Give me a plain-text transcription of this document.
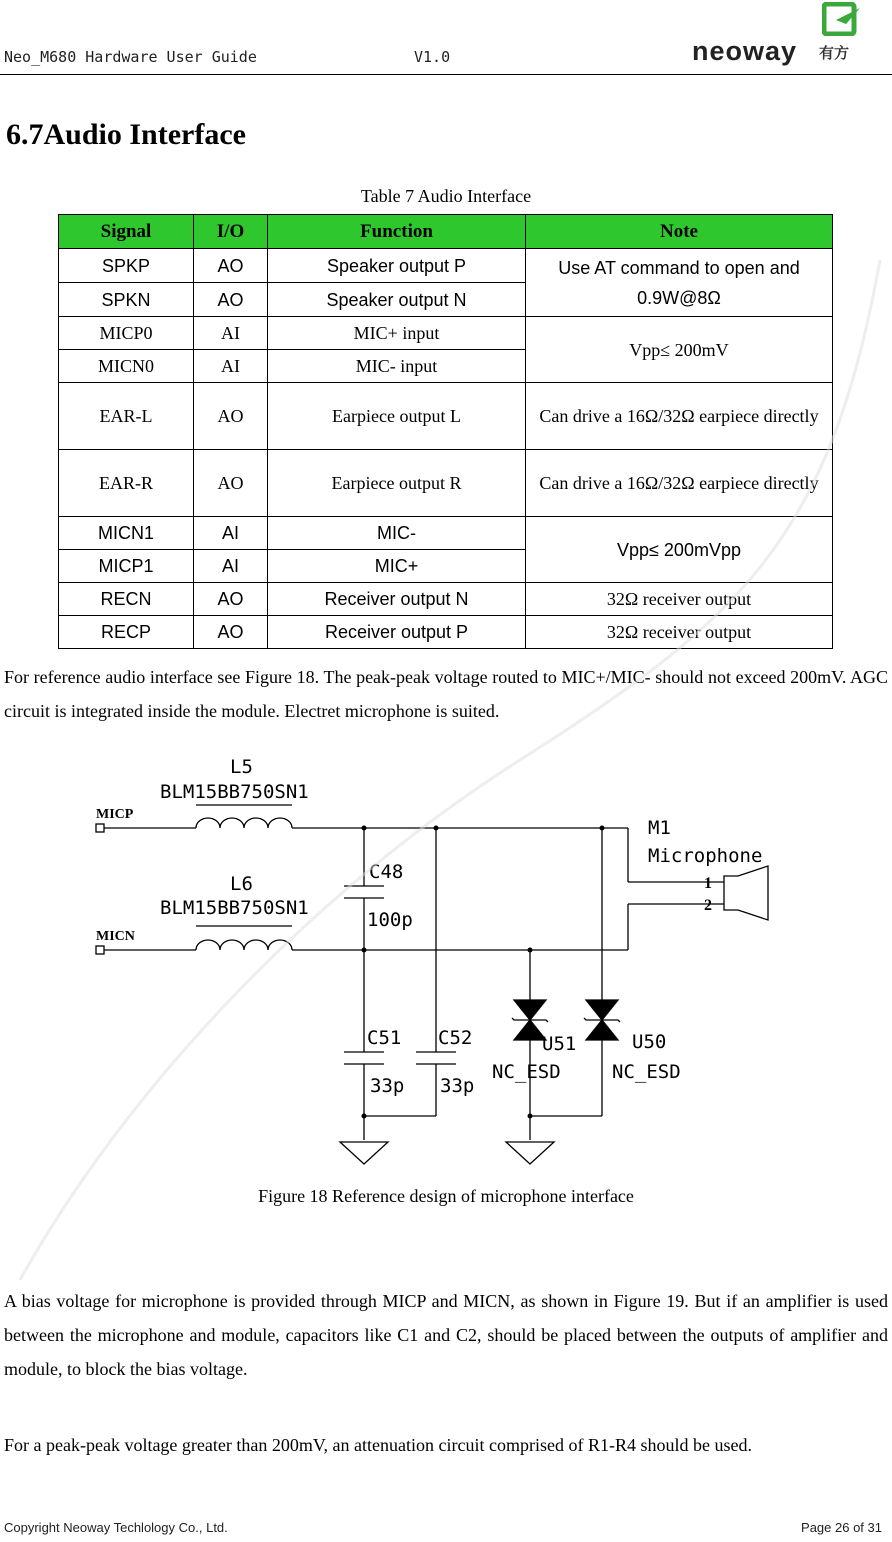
Neo_M680 Hardware User Guide	V1.0	neoway 有方
6.7Audio Interface
Table 7 Audio Interface
Signal	I/O	Function	Note
SPKP	AO	Speaker output P	Use AT command to open and 0.9W@8Ω
SPKN	AO	Speaker output N	
MICP0	AI	MIC+ input	Vpp≤ 200mV
MICN0	AI	MIC- input	
EAR-L	AO	Earpiece output L	Can drive a 16Ω/32Ω earpiece directly
EAR-R	AO	Earpiece output R	Can drive a 16Ω/32Ω earpiece directly
MICN1	AI	MIC-	Vpp≤ 200mVpp
MICP1	AI	MIC+	
RECN	AO	Receiver output N	32Ω receiver output
RECP	AO	Receiver output P	32Ω receiver output
For reference audio interface see Figure 18. The peak-peak voltage routed to MIC+/MIC- should not exceed 200mV. AGC circuit is integrated inside the module. Electret microphone is suited.
MICP
MICN
L5
BLM15BB750SN1
L6
BLM15BB750SN1
C48
100p
C51
33p
C52
33p
M1
Microphone
U51
NC_ESD
U50
NC_ESD
1
2
Figure 18 Reference design of microphone interface
A bias voltage for microphone is provided through MICP and MICN, as shown in Figure 19. But if an amplifier is used between the microphone and module, capacitors like C1 and C2, should be placed between the outputs of amplifier and module, to block the bias voltage.
For a peak-peak voltage greater than 200mV, an attenuation circuit comprised of R1-R4 should be used.
Copyright Neoway Techlology Co., Ltd.	Page 26 of 31
